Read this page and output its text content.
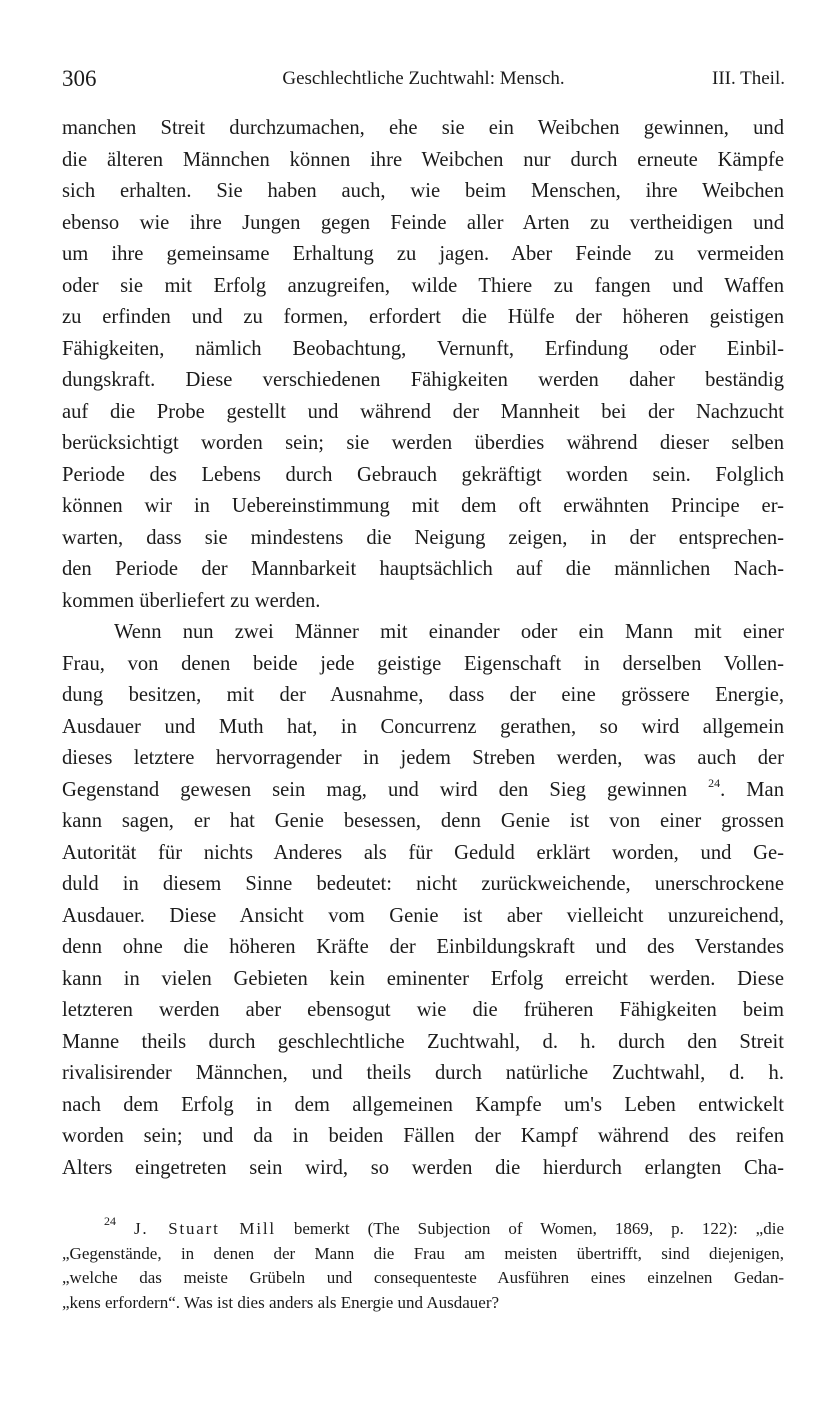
306	Geschlechtliche Zuchtwahl: Mensch.	III. Theil.
manchen Streit durchzumachen, ehe sie ein Weibchen gewinnen, und
die älteren Männchen können ihre Weibchen nur durch erneute Kämpfe
sich erhalten. Sie haben auch, wie beim Menschen, ihre Weibchen
ebenso wie ihre Jungen gegen Feinde aller Arten zu vertheidigen und
um ihre gemeinsame Erhaltung zu jagen. Aber Feinde zu vermeiden
oder sie mit Erfolg anzugreifen, wilde Thiere zu fangen und Waffen
zu erfinden und zu formen, erfordert die Hülfe der höheren geistigen
Fähigkeiten, nämlich Beobachtung, Vernunft, Erfindung oder Einbil-
dungskraft. Diese verschiedenen Fähigkeiten werden daher beständig
auf die Probe gestellt und während der Mannheit bei der Nachzucht
berücksichtigt worden sein; sie werden überdies während dieser selben
Periode des Lebens durch Gebrauch gekräftigt worden sein. Folglich
können wir in Uebereinstimmung mit dem oft erwähnten Principe er-
warten, dass sie mindestens die Neigung zeigen, in der entsprechen-
den Periode der Mannbarkeit hauptsächlich auf die männlichen Nach-
kommen überliefert zu werden.
Wenn nun zwei Männer mit einander oder ein Mann mit einer
Frau, von denen beide jede geistige Eigenschaft in derselben Vollen-
dung besitzen, mit der Ausnahme, dass der eine grössere Energie,
Ausdauer und Muth hat, in Concurrenz gerathen, so wird allgemein
dieses letztere hervorragender in jedem Streben werden, was auch der
Gegenstand gewesen sein mag, und wird den Sieg gewinnen $^{24}$. Man
kann sagen, er hat Genie besessen, denn Genie ist von einer grossen
Autorität für nichts Anderes als für Geduld erklärt worden, und Ge-
duld in diesem Sinne bedeutet: nicht zurückweichende, unerschrockene
Ausdauer. Diese Ansicht vom Genie ist aber vielleicht unzureichend,
denn ohne die höheren Kräfte der Einbildungskraft und des Verstandes
kann in vielen Gebieten kein eminenter Erfolg erreicht werden. Diese
letzteren werden aber ebensogut wie die früheren Fähigkeiten beim
Manne theils durch geschlechtliche Zuchtwahl, d. h. durch den Streit
rivalisirender Männchen, und theils durch natürliche Zuchtwahl, d. h.
nach dem Erfolg in dem allgemeinen Kampfe um's Leben entwickelt
worden sein; und da in beiden Fällen der Kampf während des reifen
Alters eingetreten sein wird, so werden die hierdurch erlangten Cha-
$^{24}$ J. Stuart Mill bemerkt (The Subjection of Women, 1869, p. 122): „die
„Gegenstände, in denen der Mann die Frau am meisten übertrifft, sind diejenigen,
„welche das meiste Grübeln und consequenteste Ausführen eines einzelnen Gedan-
„kens erfordern“. Was ist dies anders als Energie und Ausdauer?
